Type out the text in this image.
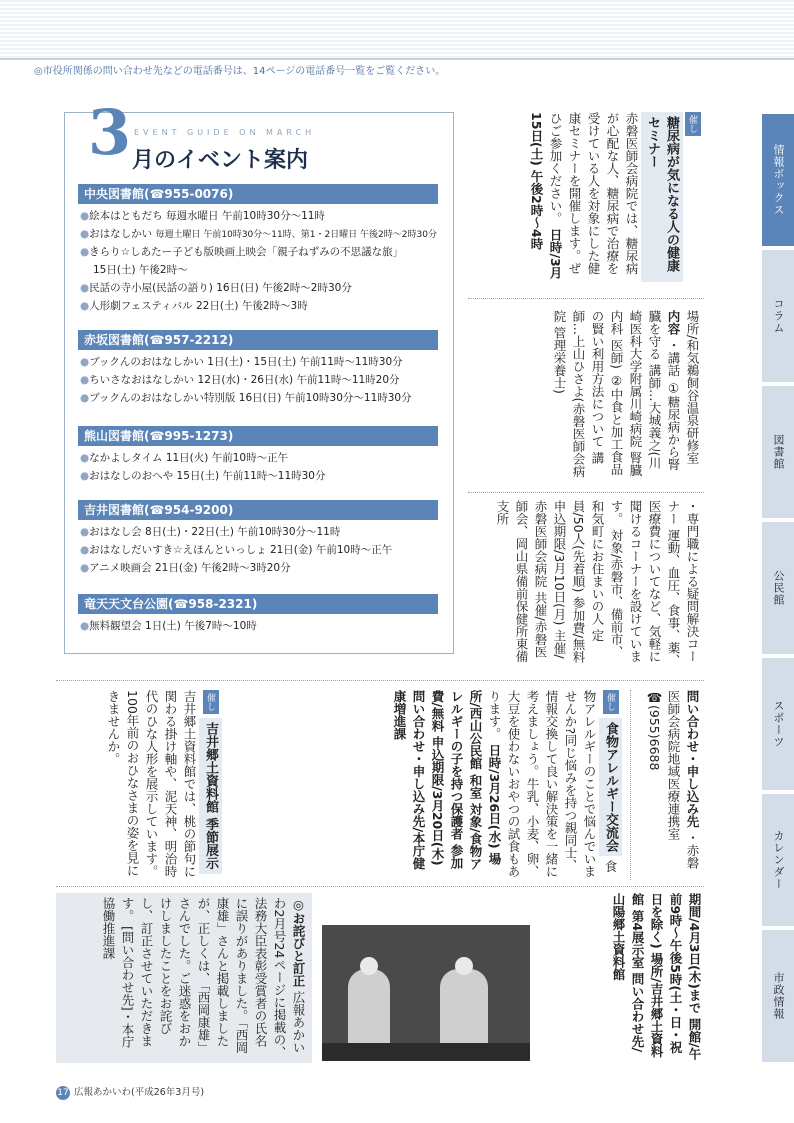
◎市役所関係の問い合わせ先などの電話番号は、14ページの電話番号一覧をご覧ください。
情報ボックス
コラム
図書館
公民館
スポーツ
カレンダー
市政情報
3 EVENT GUIDE ON MARCH
月のイベント案内
中央図書館(☎955-0076)
●絵本はともだち 毎週水曜日 午前10時30分〜11時
●おはなしかい 毎週土曜日 午前10時30分〜11時、第1・2日曜日 午後2時〜2時30分
●きらり☆しあたー子ども版映画上映会「親子ねずみの不思議な旅」
15日(土) 午後2時〜
●民話の寺小屋(民話の語り) 16日(日) 午後2時〜2時30分
●人形劇フェスティバル 22日(土) 午後2時〜3時
赤坂図書館(☎957-2212)
●ブックんのおはなしかい 1日(土)・15日(土) 午前11時〜11時30分
●ちいさなおはなしかい 12日(水)・26日(水) 午前11時〜11時20分
●ブックんのおはなしかい特別版 16日(日) 午前10時30分〜11時30分
熊山図書館(☎995-1273)
●なかよしタイム 11日(火) 午前10時〜正午
●おはなしのおへや 15日(土) 午前11時〜11時30分
吉井図書館(☎954-9200)
●おはなし会 8日(土)・22日(土) 午前10時30分〜11時
●おはなしだいすき☆えほんといっしょ 21日(金) 午前10時〜正午
●アニメ映画会 21日(金) 午後2時〜3時20分
竜天天文台公園(☎958-2321)
●無料観望会 1日(土) 午後7時〜10時
催し 糖尿病が気になる人の健康セミナー 赤磐医師会病院では、糖尿病が心配な人、糖尿病で治療を受けている人を対象にした健康セミナーを開催します。ぜひご参加ください。 日時/3月15日(土) 午後2時〜4時
場所/和気鵜飼谷温泉研修室 内容 ・講話 ①糖尿病から腎臓を守る 講師…大城義之(川崎医科大学附属川崎病院 腎臓内科 医師) ②中食と加工食品の賢い利用方法について 講師…上山ひさよ(赤磐医師会病院 管理栄養士)
・専門職による疑問解決コーナー 運動、血圧、食事、薬、医療費についてなど、気軽に聞けるコーナーを設けています。 対象/赤磐市、備前市、和気町にお住まいの人 定員/50人(先着順) 参加費/無料 申込期限/3月10日(月) 主催/赤磐医師会病院 共催/赤磐医師会、岡山県備前保健所東備支所
問い合わせ・申し込み先 ・赤磐医師会病院地域医療連携室 ☎(955)6688
催し 食物アレルギー交流会 食物アレルギーのことで悩んでいませんか?同じ悩みを持つ親同士、情報交換して良い解決策を一緒に考えましょう。牛乳、小麦、卵、大豆を使わないおやつの試食もあります。 日時/3月26日(水) 場所/西山公民館 和室 対象/食物アレルギーの子を持つ保護者 参加費/無料 申込期限/3月20日(木) 問い合わせ・申し込み先/本庁健康増進課
催し 吉井郷土資料館 季節展示 吉井郷土資料館では、桃の節句に関わる掛け軸や、泥天神、明治時代のひな人形を展示しています。100年前のおひなさまの姿を見にきませんか。
期間/4月3日(木)まで 開館/午前9時〜午後5時(土・日・祝日を除く) 場所/吉井郷土資料館 第4展示室 問い合わせ先/山陽郷土資料館
◎お詫びと訂正 広報あかいわ2月号24ページに掲載の、法務大臣表彰受賞者の氏名に誤りがありました。「西岡康雄」さんと掲載しましたが、正しくは、「西岡康雄」さんでした。ご迷惑をおかけしましたことをお詫びし、訂正させていただきます。 [問い合わせ先]・本庁協働推進課
17 広報あかいわ(平成26年3月号)
